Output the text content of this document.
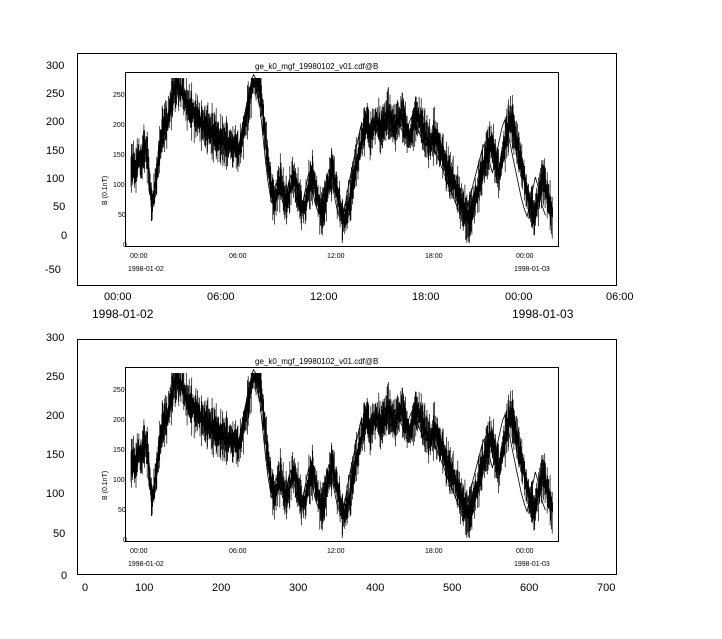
300
250
200
150
100
50
0
-50
00:00
1998-01-02
06:00	12:00	18:00	00:00
1998-01-03
06:00
ge_k0_mgf_19980102_v01.cdf@B
B (0.1nT)
250
200
150
100
50
0
00:00
1998-01-02
06:00	12:00	18:00	00:00
1998-01-03
300
250
200
150
100
50
0
0	100	200	300	400	500	600	700
ge_k0_mgf_19980102_v01.cdf@B
B (0.1nT)
250
200
150
100
50
0
00:00
1998-01-02
06:00	12:00	18:00	00:00
1998-01-03
